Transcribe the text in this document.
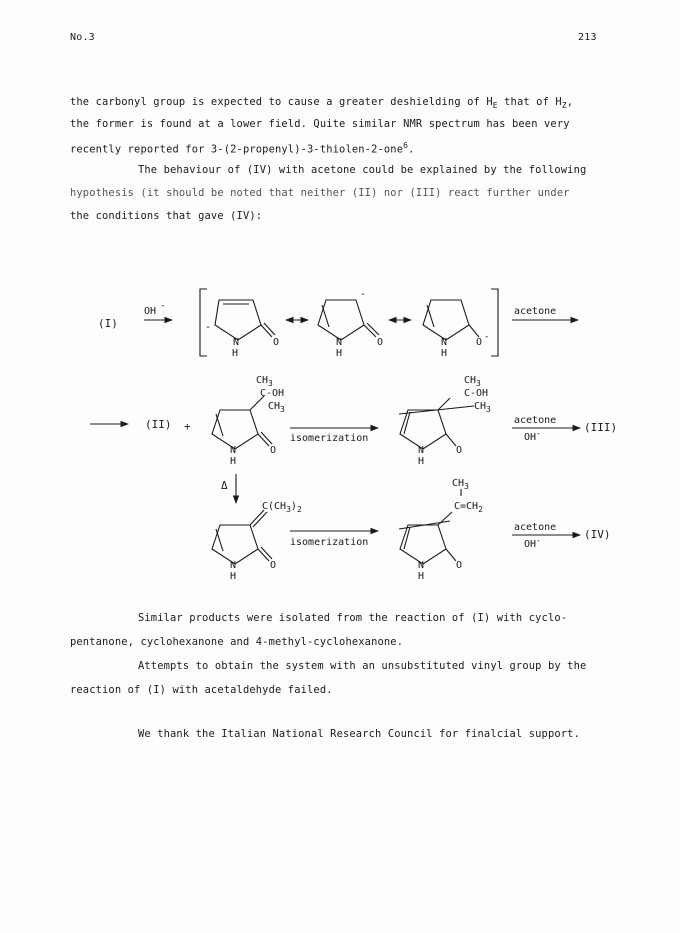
No.3	213
the carbonyl group is expected to cause a greater deshielding of $H_E$ that of $H_Z$,
the former is found at a lower field. Quite similar NMR spectrum has been very
recently reported for 3-(2-propenyl)-3-thiolen-2-one$^6$.
The behaviour of (IV) with acetone could be explained by the following
hypothesis (it should be noted that neither (II) nor (III) react further under
the conditions that gave (IV):
(I)
OH -
-
N
H
O
-
N
H
O	N
H
O -
acetone
(II) +
$CH_3$
C-OH
$CH_3$
N
H
O
isomerization
$CH_3$
C-OH
$CH_3$
N
H
O
acetone
OH-	(III)
Δ
$C(CH_3)_2$
N
H
O
isomerization
$CH_3$
$C=CH_2$
N
H
O
acetone
OH-	(IV)
Similar products were isolated from the reaction of (I) with cyclo-
pentanone, cyclohexanone and 4-methyl-cyclohexanone.
Attempts to obtain the system with an unsubstituted vinyl group by the
reaction of (I) with acetaldehyde failed.
We thank the Italian National Research Council for finalcial support.
